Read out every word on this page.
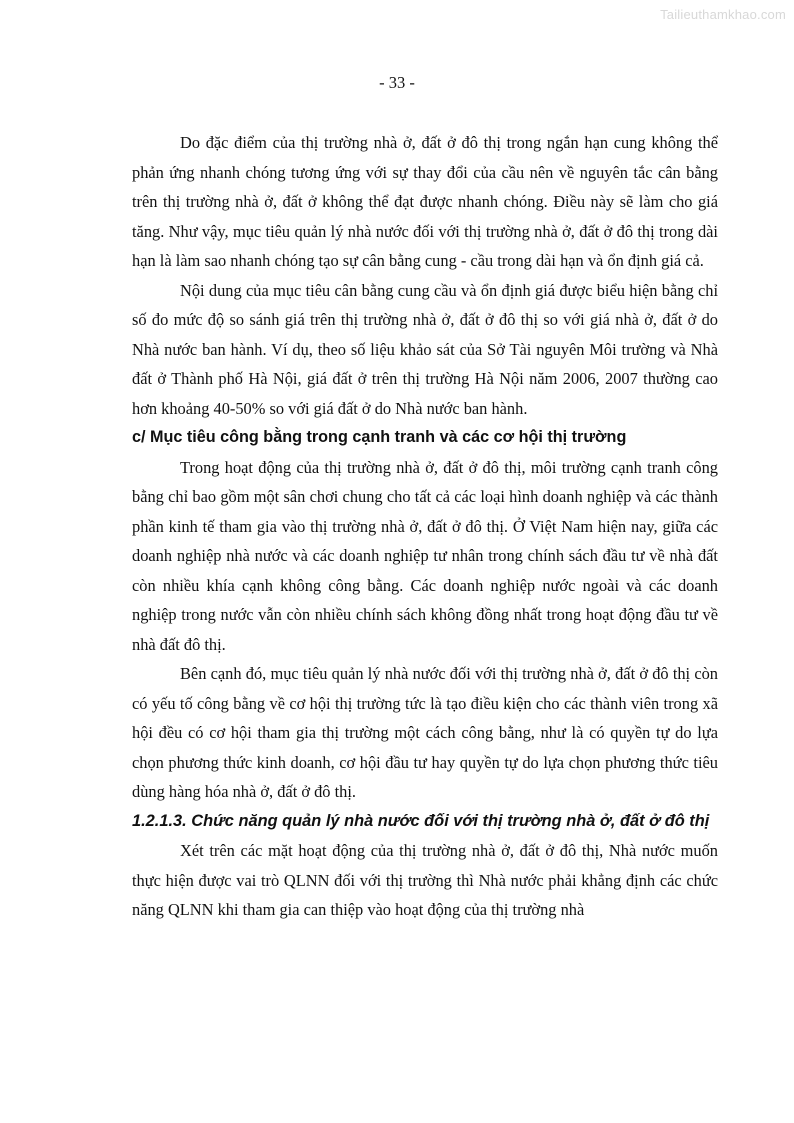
Tailieuthamkhao.com
- 33 -

Do đặc điểm của thị trường nhà ở, đất ở đô thị trong ngắn hạn cung không thể phản ứng nhanh chóng tương ứng với sự thay đổi của cầu nên về nguyên tắc cân bằng trên thị trường nhà ở, đất ở không thể đạt được nhanh chóng. Điều này sẽ làm cho giá tăng. Như vậy, mục tiêu quản lý nhà nước đối với thị trường nhà ở, đất ở đô thị trong dài hạn là làm sao nhanh chóng tạo sự cân bằng cung - cầu trong dài hạn và ổn định giá cả.

Nội dung của mục tiêu cân bằng cung cầu và ổn định giá được biểu hiện bằng chỉ số đo mức độ so sánh giá trên thị trường nhà ở, đất ở đô thị so với giá nhà ở, đất ở do Nhà nước ban hành. Ví dụ, theo số liệu khảo sát của Sở Tài nguyên Môi trường và Nhà đất ở Thành phố Hà Nội, giá đất ở trên thị trường Hà Nội năm 2006, 2007 thường cao hơn khoảng 40-50% so với giá đất ở do Nhà nước ban hành.

c/ Mục tiêu công bằng trong cạnh tranh và các cơ hội thị trường

Trong hoạt động của thị trường nhà ở, đất ở đô thị, môi trường cạnh tranh công bằng chỉ bao gồm một sân chơi chung cho tất cả các loại hình doanh nghiệp và các thành phần kinh tế tham gia vào thị trường nhà ở, đất ở đô thị. Ở Việt Nam hiện nay, giữa các doanh nghiệp nhà nước và các doanh nghiệp tư nhân trong chính sách đầu tư về nhà đất còn nhiều khía cạnh không công bằng. Các doanh nghiệp nước ngoài và các doanh nghiệp trong nước vẫn còn nhiều chính sách không đồng nhất trong hoạt động đầu tư về nhà đất đô thị.

Bên cạnh đó, mục tiêu quản lý nhà nước đối với thị trường nhà ở, đất ở đô thị còn có yếu tố công bằng về cơ hội thị trường tức là tạo điều kiện cho các thành viên trong xã hội đều có cơ hội tham gia thị trường một cách công bằng, như là có quyền tự do lựa chọn phương thức kinh doanh, cơ hội đầu tư hay quyền tự do lựa chọn phương thức tiêu dùng hàng hóa nhà ở, đất ở đô thị.

1.2.1.3. Chức năng quản lý nhà nước đối với thị trường nhà ở, đất ở đô thị

Xét trên các mặt hoạt động của thị trường nhà ở, đất ở đô thị, Nhà nước muốn thực hiện được vai trò QLNN đối với thị trường thì Nhà nước phải khẳng định các chức năng QLNN khi tham gia can thiệp vào hoạt động của thị trường nhà
